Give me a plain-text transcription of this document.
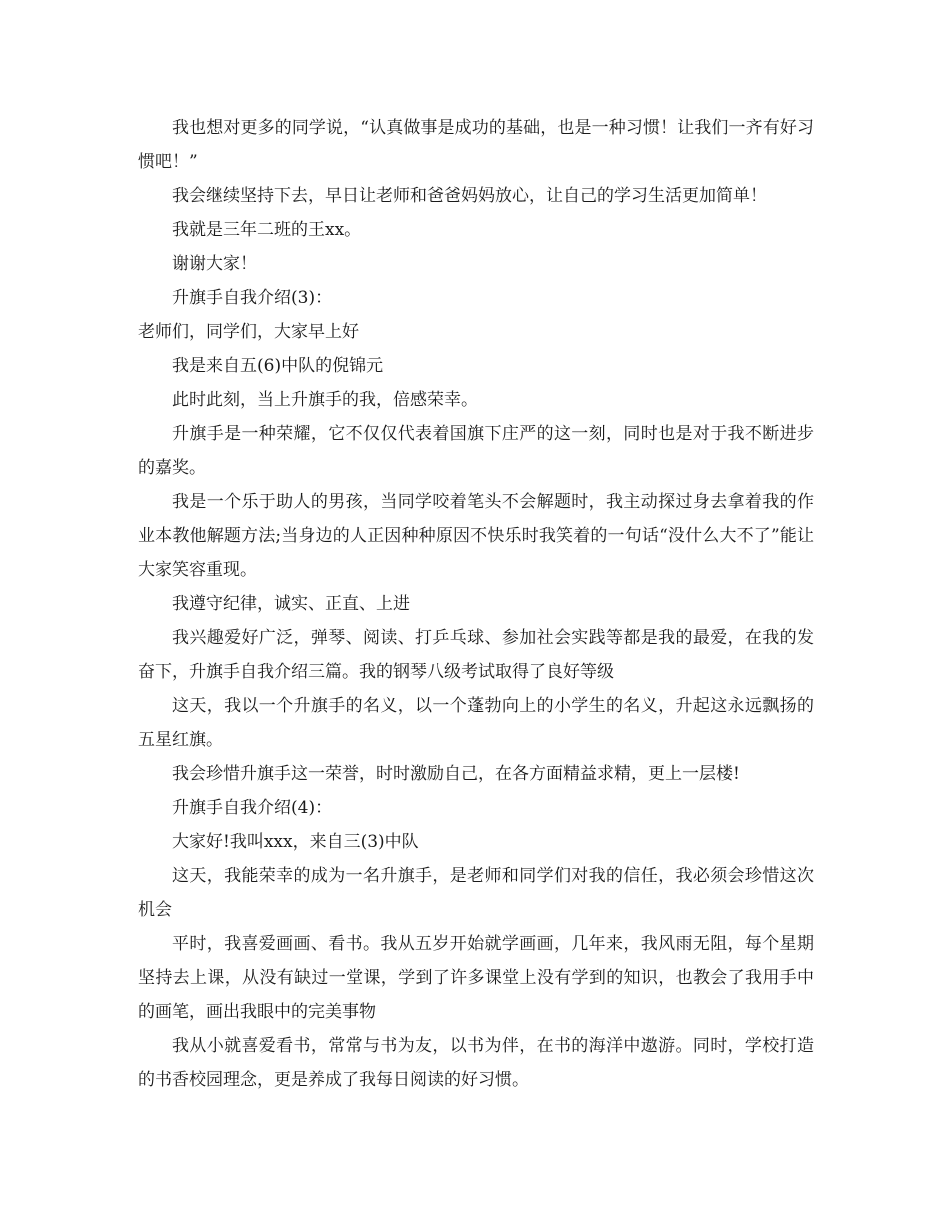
我也想对更多的同学说，“认真做事是成功的基础，也是一种习惯！让我们一齐有好习惯吧！”

我会继续坚持下去，早日让老师和爸爸妈妈放心，让自己的学习生活更加简单！

我就是三年二班的王xx。

谢谢大家！

升旗手自我介绍(3)：

老师们，同学们，大家早上好

我是来自五(6)中队的倪锦元

此时此刻，当上升旗手的我，倍感荣幸。

升旗手是一种荣耀，它不仅仅代表着国旗下庄严的这一刻，同时也是对于我不断进步的嘉奖。

我是一个乐于助人的男孩，当同学咬着笔头不会解题时，我主动探过身去拿着我的作业本教他解题方法;当身边的人正因种种原因不快乐时我笑着的一句话“没什么大不了”能让大家笑容重现。

我遵守纪律，诚实、正直、上进

我兴趣爱好广泛，弹琴、阅读、打乒乓球、参加社会实践等都是我的最爱，在我的发奋下，升旗手自我介绍三篇。我的钢琴八级考试取得了良好等级

这天，我以一个升旗手的名义，以一个蓬勃向上的小学生的名义，升起这永远飘扬的五星红旗。

我会珍惜升旗手这一荣誉，时时激励自己，在各方面精益求精，更上一层楼!

升旗手自我介绍(4)：

大家好!我叫xxx，来自三(3)中队

这天，我能荣幸的成为一名升旗手，是老师和同学们对我的信任，我必须会珍惜这次机会

平时，我喜爱画画、看书。我从五岁开始就学画画，几年来，我风雨无阻，每个星期坚持去上课，从没有缺过一堂课，学到了许多课堂上没有学到的知识，也教会了我用手中的画笔，画出我眼中的完美事物

我从小就喜爱看书，常常与书为友，以书为伴，在书的海洋中遨游。同时，学校打造的书香校园理念，更是养成了我每日阅读的好习惯。
